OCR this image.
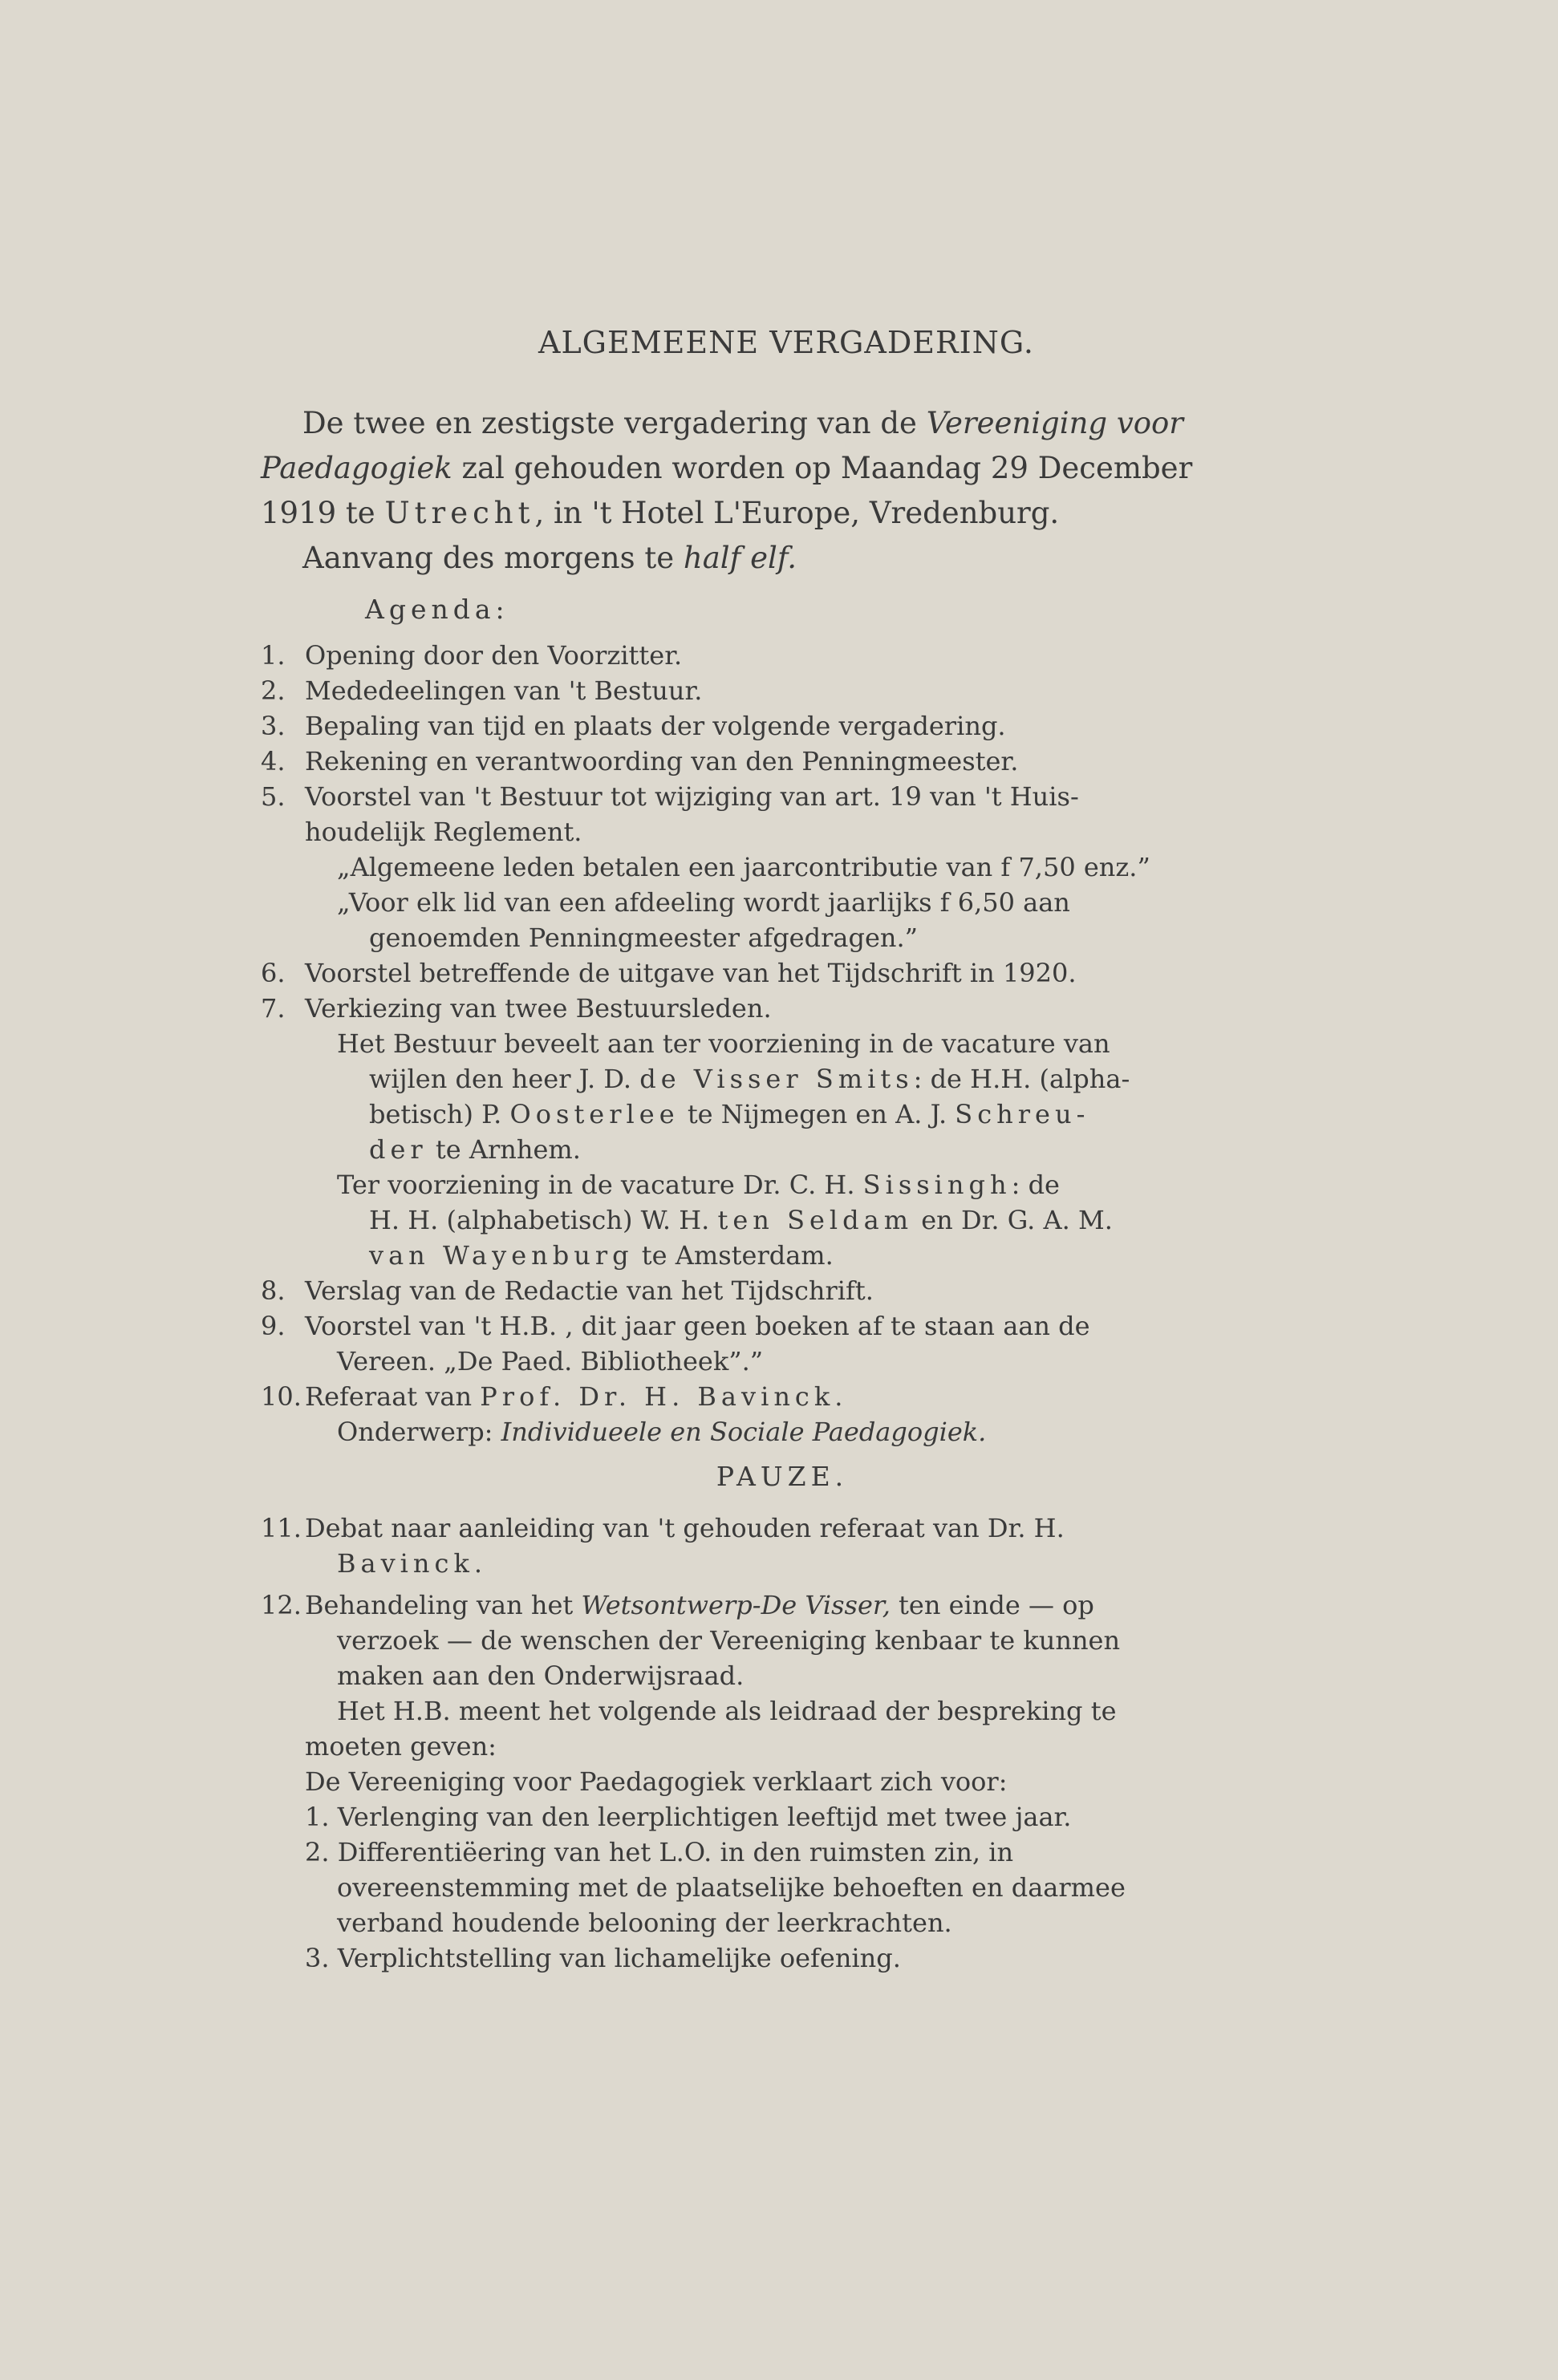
ALGEMEENE VERGADERING.

De twee en zestigste vergadering van de Vereeniging voor

Paedagogiek zal gehouden worden op Maandag 29 December

1919 te Utrecht, in 't Hotel L'Europe, Vredenburg.

Aanvang des morgens te half elf.

Agenda:
1. Opening door den Voorzitter.
2. Mededeelingen van 't Bestuur.
3. Bepaling van tijd en plaats der volgende vergadering.
4. Rekening en verantwoording van den Penningmeester.
5. Voorstel van 't Bestuur tot wijziging van art. 19 van 't Huis-
houdelijk Reglement.
„Algemeene leden betalen een jaarcontributie van f 7,50 enz.”
„Voor elk lid van een afdeeling wordt jaarlijks f 6,50 aan
genoemden Penningmeester afgedragen.”
6. Voorstel betreffende de uitgave van het Tijdschrift in 1920.
7. Verkiezing van twee Bestuursleden.
Het Bestuur beveelt aan ter voorziening in de vacature van
wijlen den heer J. D. de Visser Smits: de H.H. (alpha-
betisch) P. Oosterlee te Nijmegen en A. J. Schreu-
der te Arnhem.
Ter voorziening in de vacature Dr. C. H. Sissingh: de
H. H. (alphabetisch) W. H. ten Seldam en Dr. G. A. M.
van Wayenburg te Amsterdam.
8. Verslag van de Redactie van het Tijdschrift.
9. Voorstel van 't H.B. , dit jaar geen boeken af te staan aan de
Vereen. „De Paed. Bibliotheek”.”
10. Referaat van Prof. Dr. H. Bavinck.
Onderwerp: Individueele en Sociale Paedagogiek.
PAUZE.
11. Debat naar aanleiding van 't gehouden referaat van Dr. H.
Bavinck.
12. Behandeling van het Wetsontwerp-De Visser, ten einde — op
verzoek — de wenschen der Vereeniging kenbaar te kunnen
maken aan den Onderwijsraad.
Het H.B. meent het volgende als leidraad der bespreking te
moeten geven:
De Vereeniging voor Paedagogiek verklaart zich voor:
1. Verlenging van den leerplichtigen leeftijd met twee jaar.
2. Differentiëering van het L.O. in den ruimsten zin, in
overeenstemming met de plaatselijke behoeften en daarmee
verband houdende belooning der leerkrachten.
3. Verplichtstelling van lichamelijke oefening.
